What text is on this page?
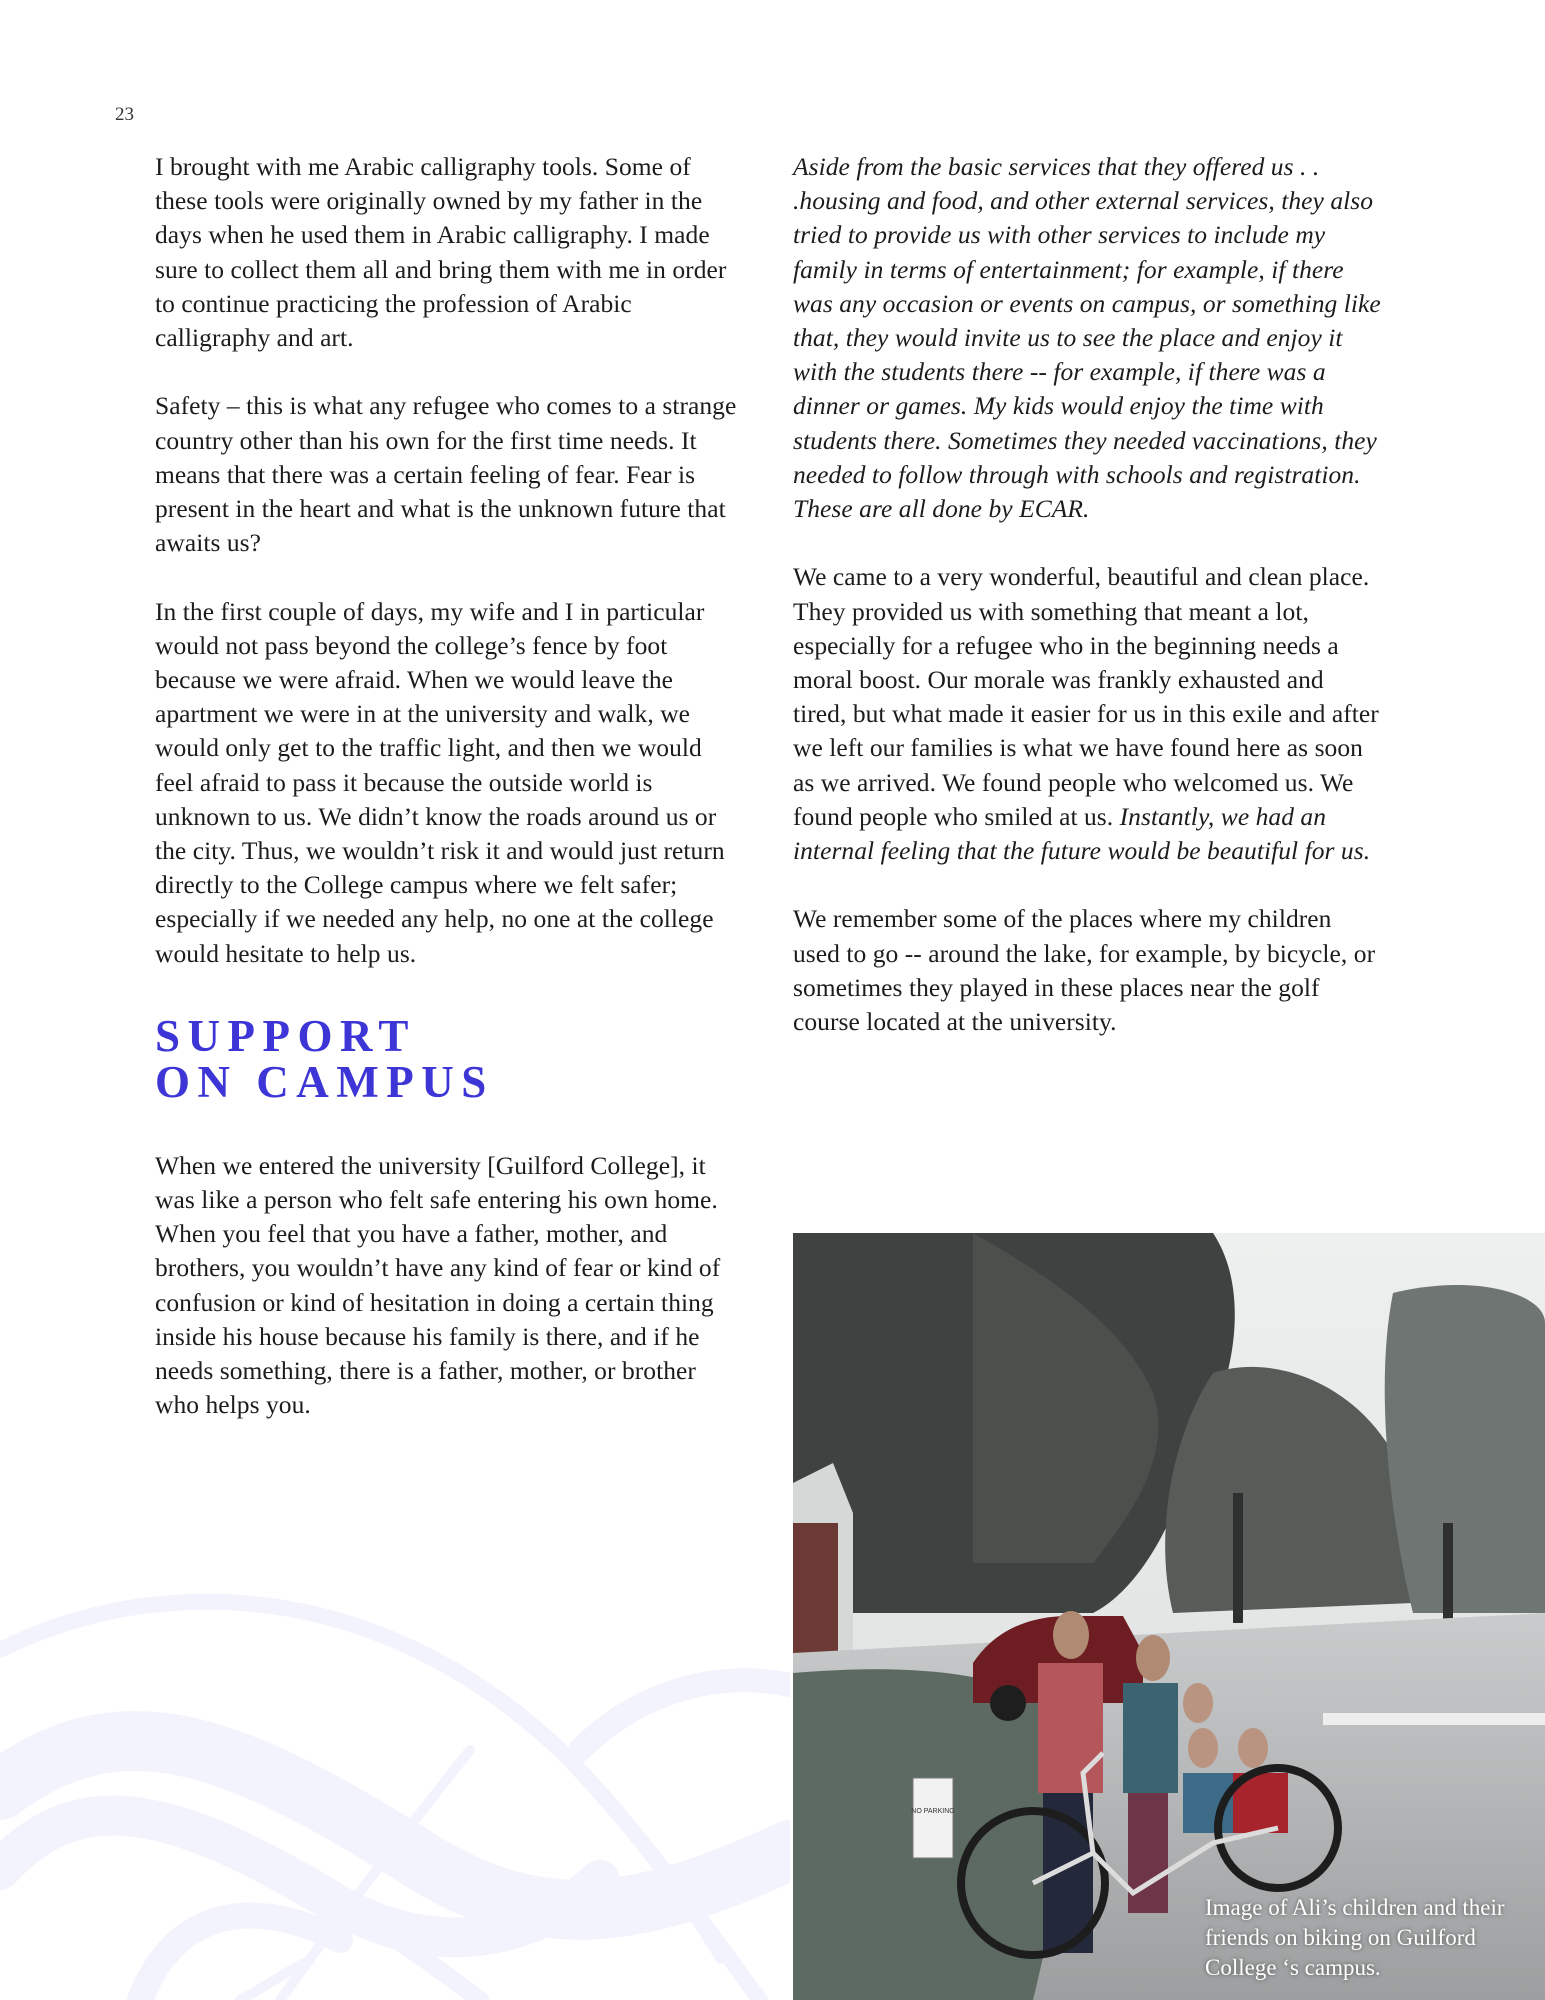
23

I brought with me Arabic calligraphy tools. Some of these tools were originally owned by my father in the days when he used them in Arabic calligraphy. I made sure to collect them all and bring them with me in order to continue practicing the profession of Arabic calligraphy and art.

Safety – this is what any refugee who comes to a strange country other than his own for the first time needs. It means that there was a certain feeling of fear. Fear is present in the heart and what is the unknown future that awaits us?

In the first couple of days, my wife and I in particular would not pass beyond the college’s fence by foot because we were afraid. When we would leave the apartment we were in at the university and walk, we would only get to the traffic light, and then we would feel afraid to pass it because the outside world is unknown to us. We didn’t know the roads around us or the city. Thus, we wouldn’t risk it and would just return directly to the College campus where we felt safer; especially if we needed any help, no one at the college would hesitate to help us.

SUPPORT
ON CAMPUS

When we entered the university [Guilford College], it was like a person who felt safe entering his own home. When you feel that you have a father, mother, and brothers, you wouldn’t have any kind of fear or kind of confusion or kind of hesitation in doing a certain thing inside his house because his family is there, and if he needs something, there is a father, mother, or brother who helps you.

Aside from the basic services that they offered us . . .housing and food, and other external services, they also tried to provide us with other services to include my family in terms of entertainment; for example, if there was any occasion or events on campus, or something like that, they would invite us to see the place and enjoy it with the students there -- for example, if there was a dinner or games. My kids would enjoy the time with students there. Sometimes they needed vaccinations, they needed to follow through with schools and registration. These are all done by ECAR.

We came to a very wonderful, beautiful and clean place. They provided us with something that meant a lot, especially for a refugee who in the beginning needs a moral boost. Our morale was frankly exhausted and tired, but what made it easier for us in this exile and after we left our families is what we have found here as soon as we arrived. We found people who welcomed us. We found people who smiled at us. Instantly, we had an internal feeling that the future would be beautiful for us.

We remember some of the places where my children used to go -- around the lake, for example, by bicycle, or sometimes they played in these places near the golf course located at the university.

NO PARKING
Image of Ali’s children and their friends on biking on Guilford College ‘s campus.
